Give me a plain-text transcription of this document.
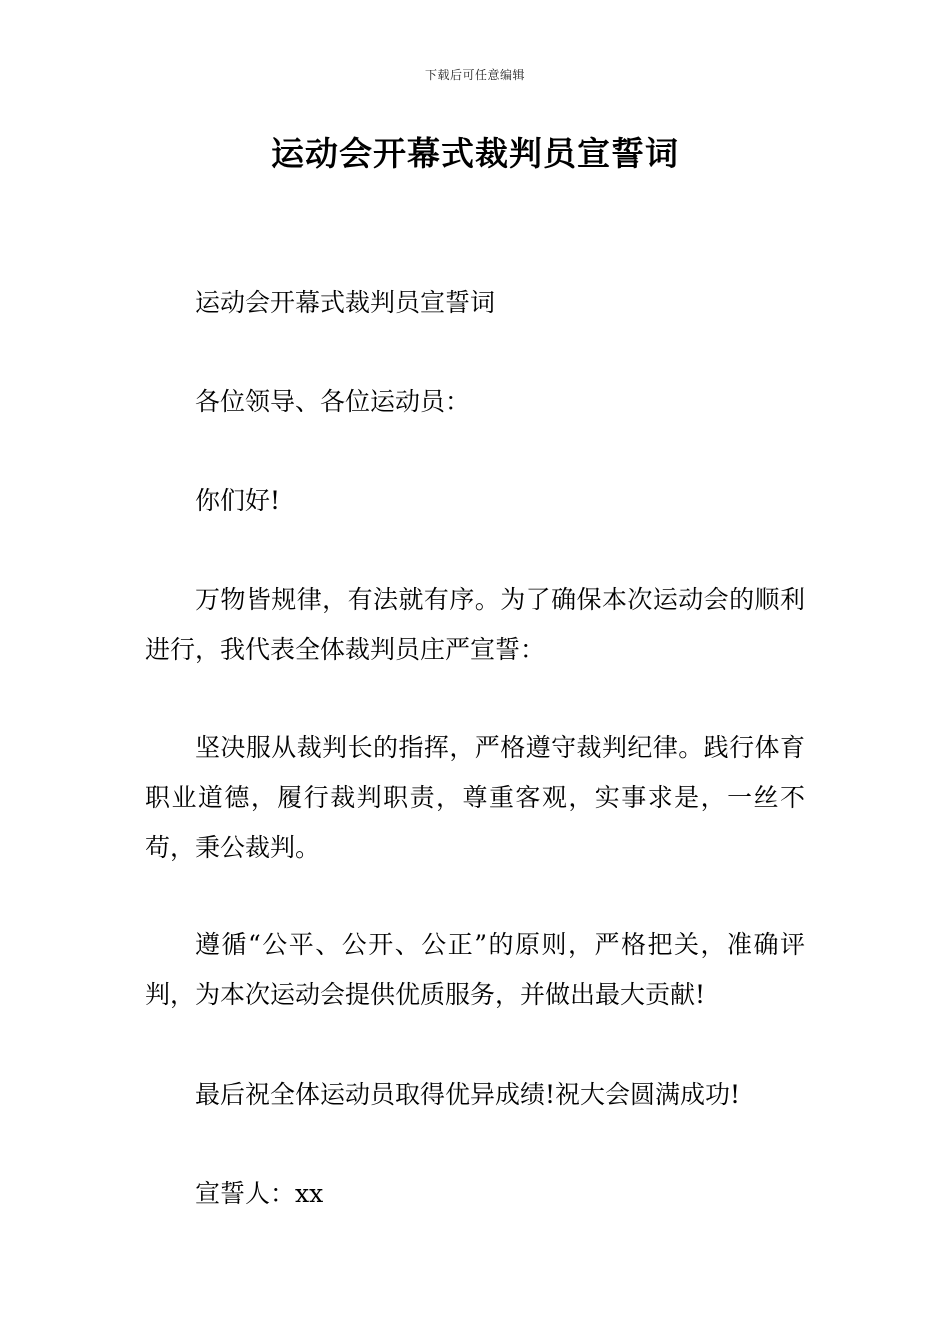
下载后可任意编辑
运动会开幕式裁判员宣誓词

运动会开幕式裁判员宣誓词

各位领导、各位运动员：

你们好!

万物皆规律，有法就有序。为了确保本次运动会的顺利进行，我代表全体裁判员庄严宣誓：

坚决服从裁判长的指挥，严格遵守裁判纪律。践行体育职业道德，履行裁判职责，尊重客观，实事求是，一丝不苟，秉公裁判。

遵循“公平、公开、公正”的原则，严格把关，准确评判，为本次运动会提供优质服务，并做出最大贡献!

最后祝全体运动员取得优异成绩!祝大会圆满成功!

宣誓人：xx
